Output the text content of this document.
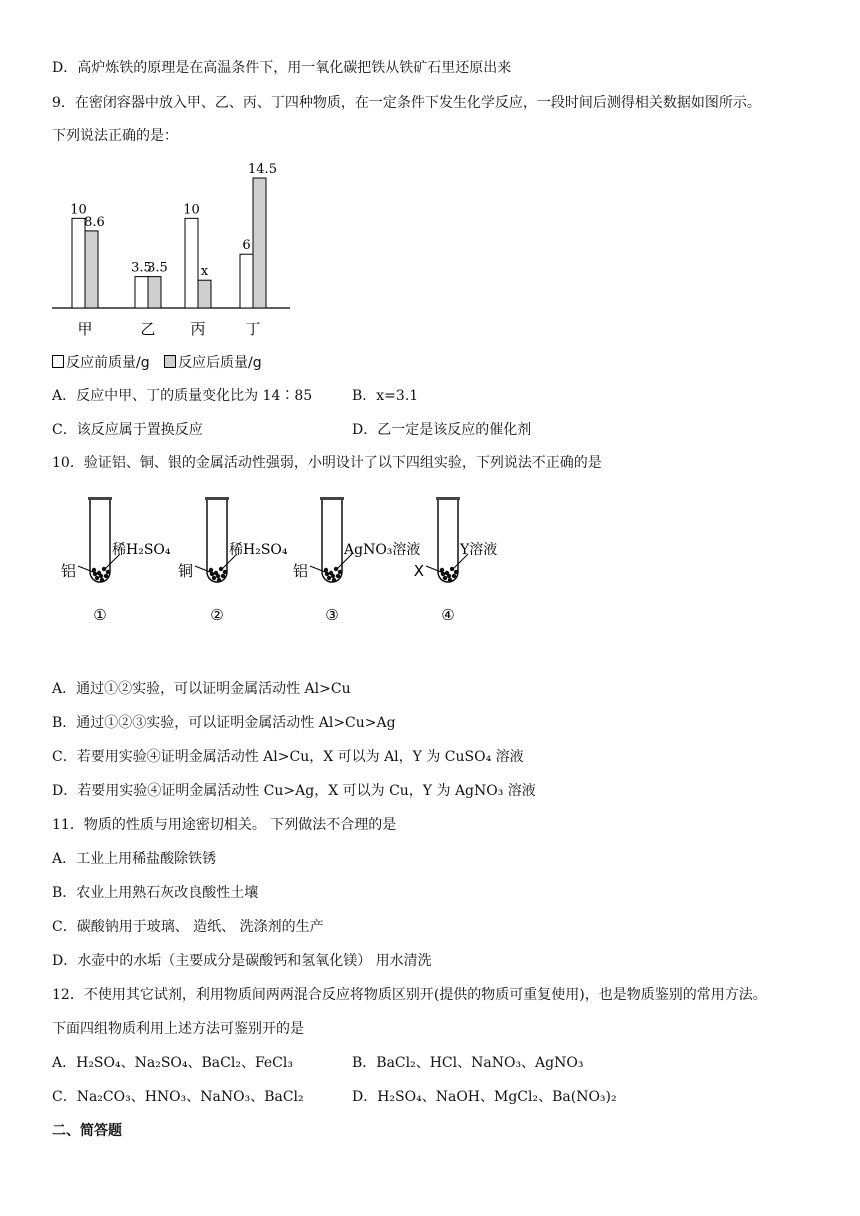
D．高炉炼铁的原理是在高温条件下，用一氧化碳把铁从铁矿石里还原出来
9．在密闭容器中放入甲、乙、丙、丁四种物质，在一定条件下发生化学反应，一段时间后测得相关数据如图所示。
下列说法正确的是：
10
8.6
甲
3.5
3.5
乙
10
x
丙
6
14.5
丁
反应前质量/g 反应后质量/g
A．反应中甲、丁的质量变化比为 14∶85	B．x=3.1
C．该反应属于置换反应	D．乙一定是该反应的催化剂
10．验证铝、铜、银的金属活动性强弱，小明设计了以下四组实验，下列说法不正确的是
铝
稀H₂SO₄
①
铜
稀H₂SO₄
②
铝
AgNO₃溶液
③
X
Y溶液
④
A．通过①②实验，可以证明金属活动性 Al>Cu
B．通过①②③实验，可以证明金属活动性 Al>Cu>Ag
C．若要用实验④证明金属活动性 Al>Cu，X 可以为 Al，Y 为 CuSO₄ 溶液
D．若要用实验④证明金属活动性 Cu>Ag，X 可以为 Cu，Y 为 AgNO₃ 溶液
11．物质的性质与用途密切相关。 下列做法不合理的是
A．工业上用稀盐酸除铁锈
B．农业上用熟石灰改良酸性土壤
C．碳酸钠用于玻璃、 造纸、 洗涤剂的生产
D．水壶中的水垢（主要成分是碳酸钙和氢氧化镁） 用水清洗
12．不使用其它试剂，利用物质间两两混合反应将物质区别开(提供的物质可重复使用)，也是物质鉴别的常用方法。
下面四组物质利用上述方法可鉴别开的是
A．H₂SO₄、Na₂SO₄、BaCl₂、FeCl₃	B．BaCl₂、HCl、NaNO₃、AgNO₃
C．Na₂CO₃、HNO₃、NaNO₃、BaCl₂	D．H₂SO₄、NaOH、MgCl₂、Ba(NO₃)₂
二、简答题
